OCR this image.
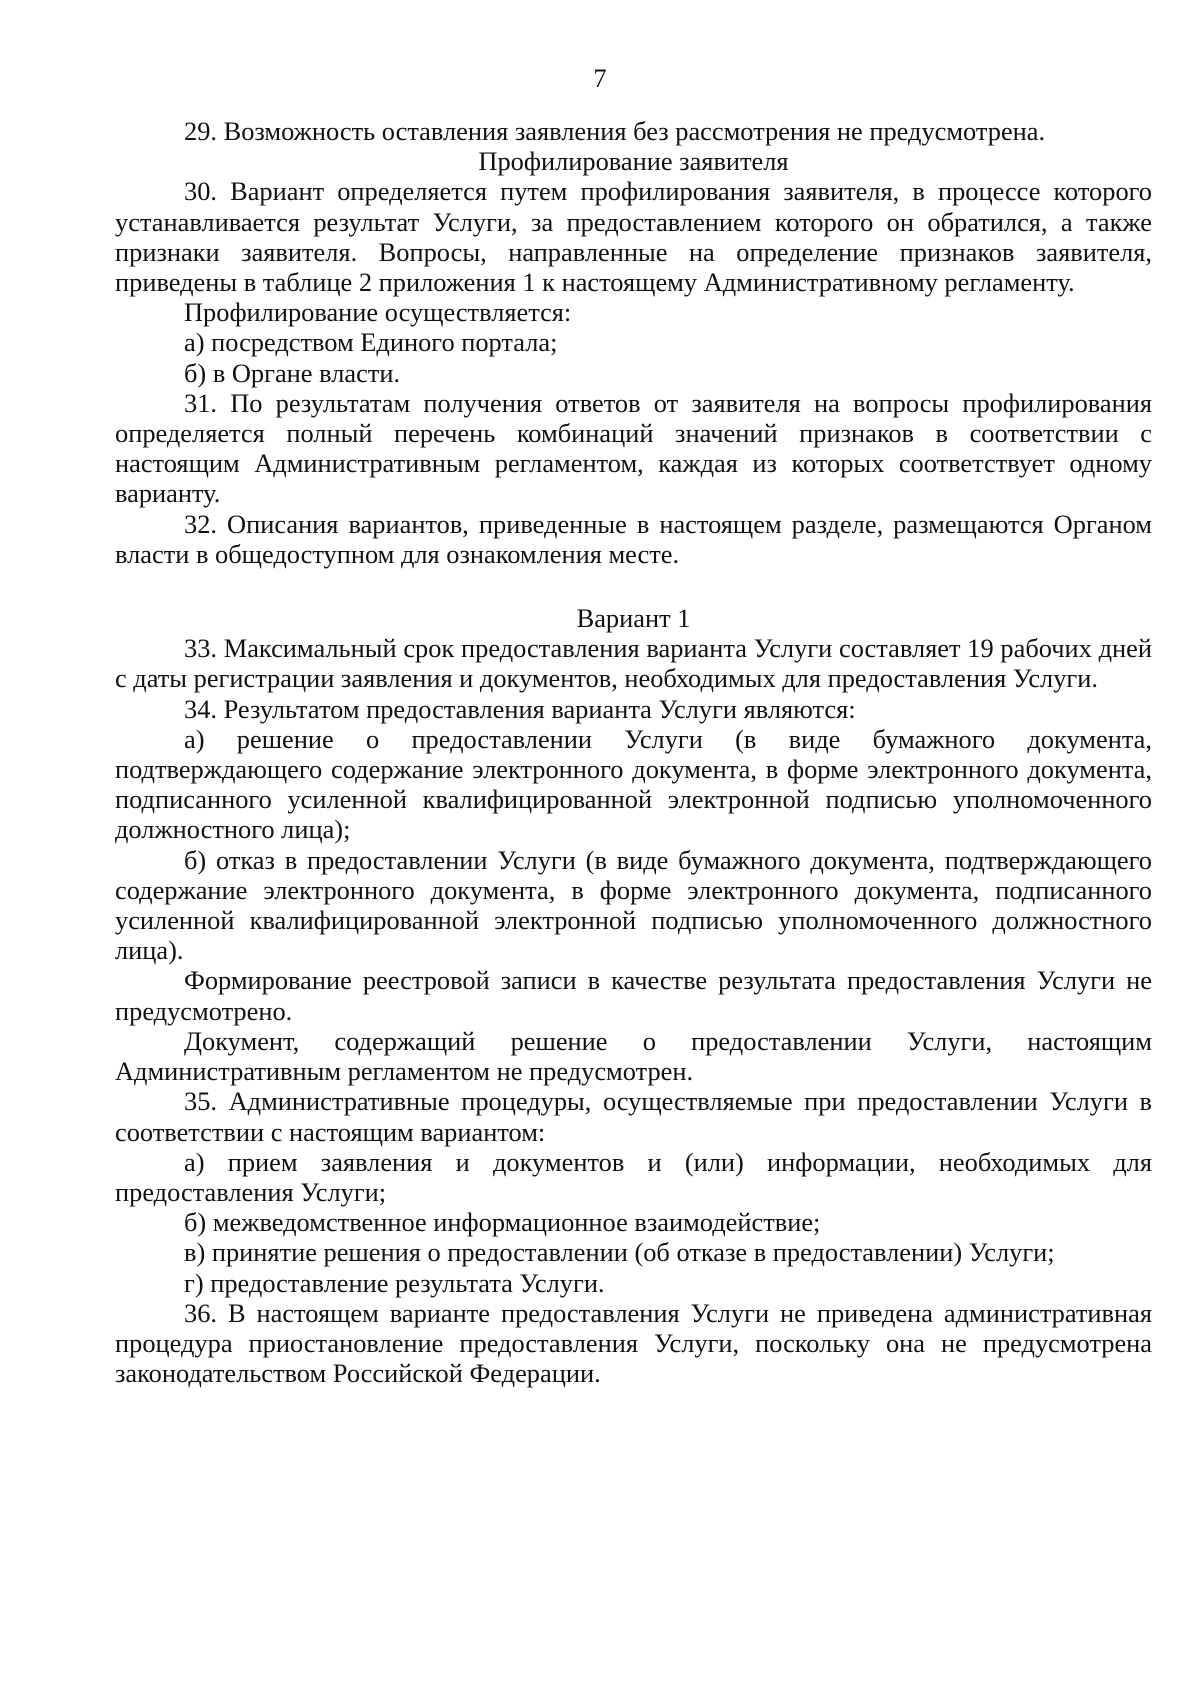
7

29. Возможность оставления заявления без рассмотрения не предусмотрена.

Профилирование заявителя

30. Вариант определяется путем профилирования заявителя, в процессе которого устанавливается результат Услуги, за предоставлением которого он обратился, а также признаки заявителя. Вопросы, направленные на определение признаков заявителя, приведены в таблице 2 приложения 1 к настоящему Административному регламенту.

Профилирование осуществляется:

а) посредством Единого портала;

б) в Органе власти.

31. По результатам получения ответов от заявителя на вопросы профилирования определяется полный перечень комбинаций значений признаков в соответствии с настоящим Административным регламентом, каждая из которых соответствует одному варианту.

32. Описания вариантов, приведенные в настоящем разделе, размещаются Органом власти в общедоступном для ознакомления месте.

Вариант 1

33. Максимальный срок предоставления варианта Услуги составляет 19 рабочих дней с даты регистрации заявления и документов, необходимых для предоставления Услуги.

34. Результатом предоставления варианта Услуги являются:

а) решение о предоставлении Услуги (в виде бумажного документа, подтверждающего содержание электронного документа, в форме электронного документа, подписанного усиленной квалифицированной электронной подписью уполномоченного должностного лица);

б) отказ в предоставлении Услуги (в виде бумажного документа, подтверждающего содержание электронного документа, в форме электронного документа, подписанного усиленной квалифицированной электронной подписью уполномоченного должностного лица).

Формирование реестровой записи в качестве результата предоставления Услуги не предусмотрено.

Документ, содержащий решение о предоставлении Услуги, настоящим Административным регламентом не предусмотрен.

35. Административные процедуры, осуществляемые при предоставлении Услуги в соответствии с настоящим вариантом:

а) прием заявления и документов и (или) информации, необходимых для предоставления Услуги;

б) межведомственное информационное взаимодействие;

в) принятие решения о предоставлении (об отказе в предоставлении) Услуги;

г) предоставление результата Услуги.

36. В настоящем варианте предоставления Услуги не приведена административная процедура приостановление предоставления Услуги, поскольку она не предусмотрена законодательством Российской Федерации.
